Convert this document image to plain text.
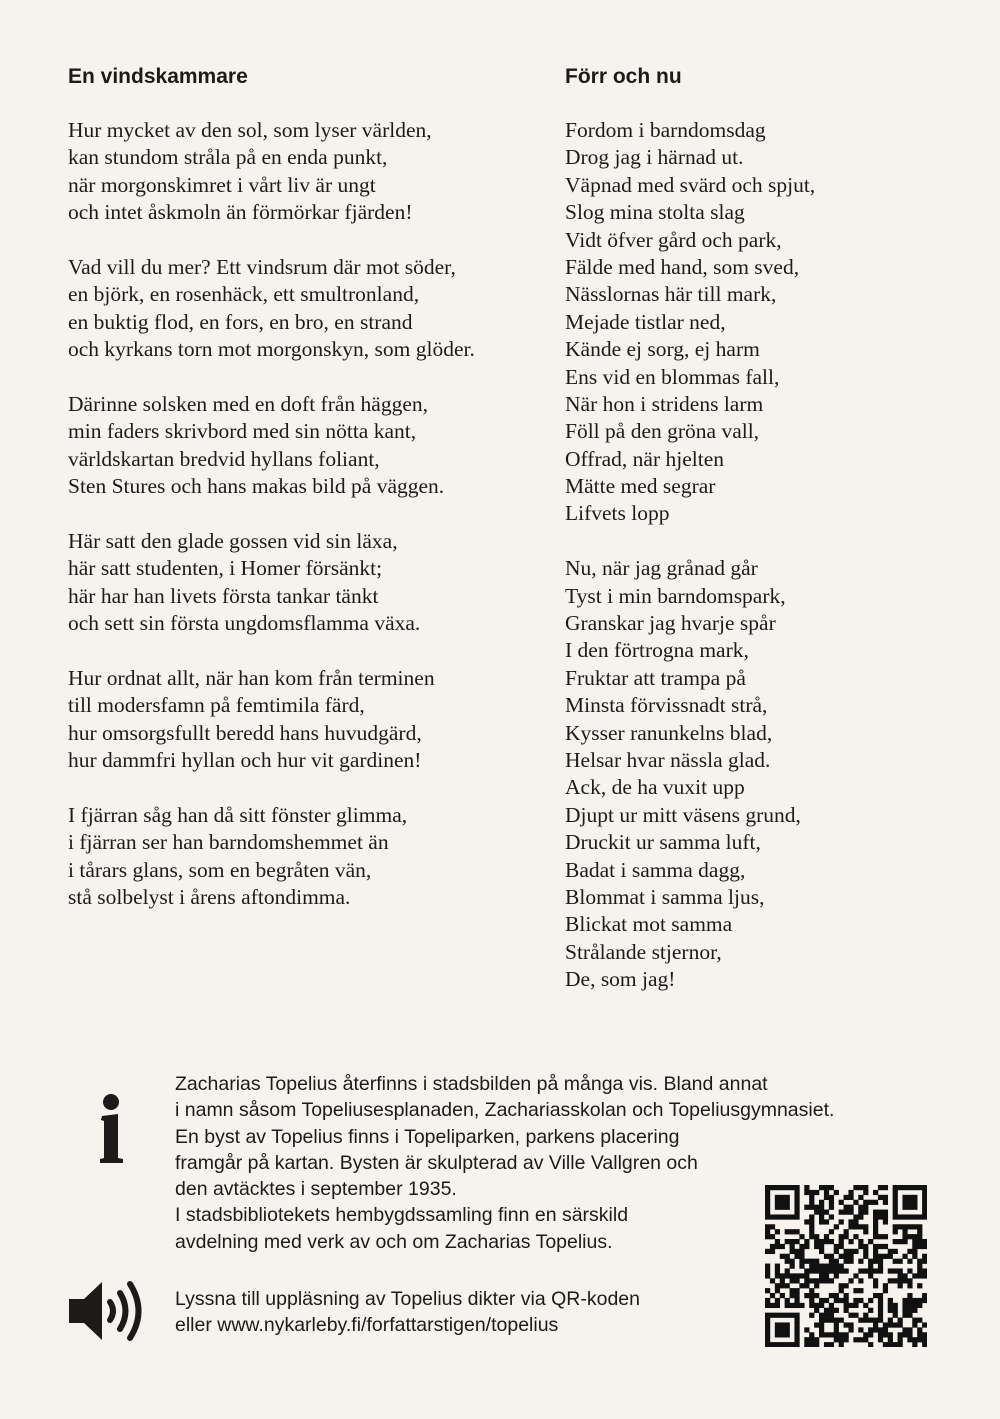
En vindskammare
Hur mycket av den sol, som lyser världen,
kan stundom stråla på en enda punkt,
när morgonskimret i vårt liv är ungt
och intet åskmoln än förmörkar fjärden!
Vad vill du mer? Ett vindsrum där mot söder,
en björk, en rosenhäck, ett smultronland,
en buktig flod, en fors, en bro, en strand
och kyrkans torn mot morgonskyn, som glöder.
Därinne solsken med en doft från häggen,
min faders skrivbord med sin nötta kant,
världskartan bredvid hyllans foliant,
Sten Stures och hans makas bild på väggen.
Här satt den glade gossen vid sin läxa,
här satt studenten, i Homer försänkt;
här har han livets första tankar tänkt
och sett sin första ungdomsflamma växa.
Hur ordnat allt, när han kom från terminen
till modersfamn på femtimila färd,
hur omsorgsfullt beredd hans huvudgärd,
hur dammfri hyllan och hur vit gardinen!
I fjärran såg han då sitt fönster glimma,
i fjärran ser han barndomshemmet än
i tårars glans, som en begråten vän,
stå solbelyst i årens aftondimma.
Förr och nu
Fordom i barndomsdag
Drog jag i härnad ut.
Väpnad med svärd och spjut,
Slog mina stolta slag
Vidt öfver gård och park,
Fälde med hand, som sved,
Nässlornas här till mark,
Mejade tistlar ned,
Kände ej sorg, ej harm
Ens vid en blommas fall,
När hon i stridens larm
Föll på den gröna vall,
Offrad, när hjelten
Mätte med segrar
Lifvets lopp
Nu, när jag grånad går
Tyst i min barndomspark,
Granskar jag hvarje spår
I den förtrogna mark,
Fruktar att trampa på
Minsta förvissnadt strå,
Kysser ranunkelns blad,
Helsar hvar nässla glad.
Ack, de ha vuxit upp
Djupt ur mitt väsens grund,
Druckit ur samma luft,
Badat i samma dagg,
Blommat i samma ljus,
Blickat mot samma
Strålande stjernor,
De, som jag!
Zacharias Topelius återfinns i stadsbilden på många vis. Bland annat
i namn såsom Topeliusesplanaden, Zachariasskolan och Topeliusgymnasiet.
En byst av Topelius finns i Topeliparken, parkens placering
framgår på kartan. Bysten är skulpterad av Ville Vallgren och
den avtäcktes i september 1935.
I stadsbibliotekets hembygdssamling finn en särskild
avdelning med verk av och om Zacharias Topelius.
Lyssna till uppläsning av Topelius dikter via QR-koden
eller www.nykarleby.fi/forfattarstigen/topelius
